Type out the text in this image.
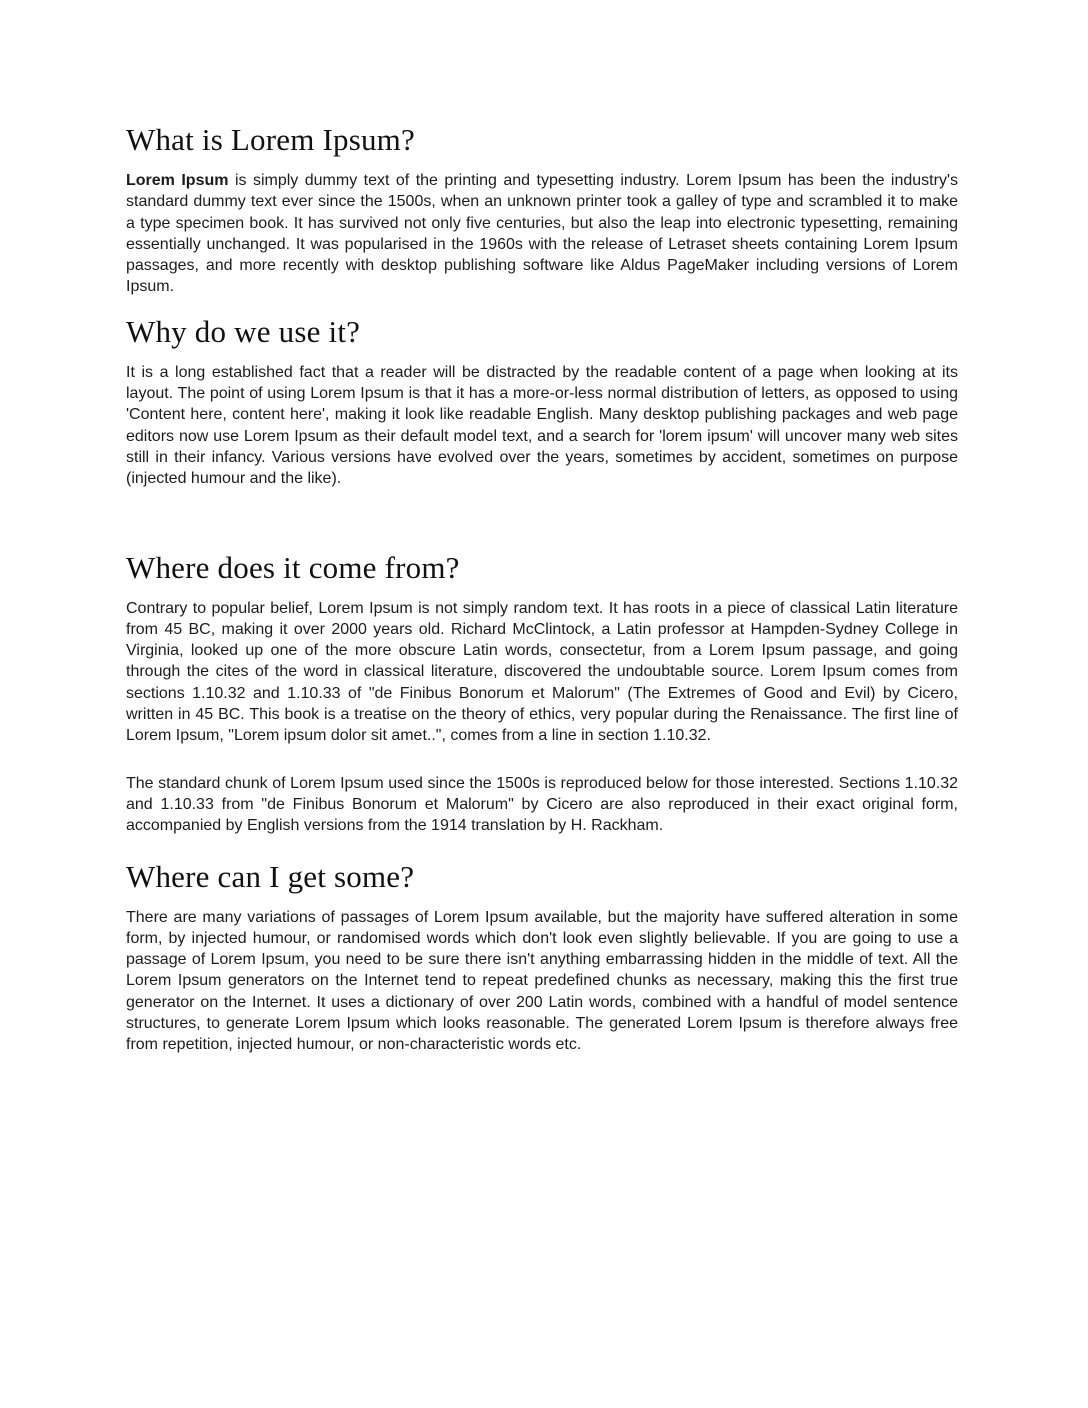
What is Lorem Ipsum?

Lorem Ipsum is simply dummy text of the printing and typesetting industry. Lorem Ipsum has been the industry's standard dummy text ever since the 1500s, when an unknown printer took a galley of type and scrambled it to make a type specimen book. It has survived not only five centuries, but also the leap into electronic typesetting, remaining essentially unchanged. It was popularised in the 1960s with the release of Letraset sheets containing Lorem Ipsum passages, and more recently with desktop publishing software like Aldus PageMaker including versions of Lorem Ipsum.

Why do we use it?

It is a long established fact that a reader will be distracted by the readable content of a page when looking at its layout. The point of using Lorem Ipsum is that it has a more-or-less normal distribution of letters, as opposed to using 'Content here, content here', making it look like readable English. Many desktop publishing packages and web page editors now use Lorem Ipsum as their default model text, and a search for 'lorem ipsum' will uncover many web sites still in their infancy. Various versions have evolved over the years, sometimes by accident, sometimes on purpose (injected humour and the like).

Where does it come from?

Contrary to popular belief, Lorem Ipsum is not simply random text. It has roots in a piece of classical Latin literature from 45 BC, making it over 2000 years old. Richard McClintock, a Latin professor at Hampden-Sydney College in Virginia, looked up one of the more obscure Latin words, consectetur, from a Lorem Ipsum passage, and going through the cites of the word in classical literature, discovered the undoubtable source. Lorem Ipsum comes from sections 1.10.32 and 1.10.33 of "de Finibus Bonorum et Malorum" (The Extremes of Good and Evil) by Cicero, written in 45 BC. This book is a treatise on the theory of ethics, very popular during the Renaissance. The first line of Lorem Ipsum, "Lorem ipsum dolor sit amet..", comes from a line in section 1.10.32.

The standard chunk of Lorem Ipsum used since the 1500s is reproduced below for those interested. Sections 1.10.32 and 1.10.33 from "de Finibus Bonorum et Malorum" by Cicero are also reproduced in their exact original form, accompanied by English versions from the 1914 translation by H. Rackham.

Where can I get some?

There are many variations of passages of Lorem Ipsum available, but the majority have suffered alteration in some form, by injected humour, or randomised words which don't look even slightly believable. If you are going to use a passage of Lorem Ipsum, you need to be sure there isn't anything embarrassing hidden in the middle of text. All the Lorem Ipsum generators on the Internet tend to repeat predefined chunks as necessary, making this the first true generator on the Internet. It uses a dictionary of over 200 Latin words, combined with a handful of model sentence structures, to generate Lorem Ipsum which looks reasonable. The generated Lorem Ipsum is therefore always free from repetition, injected humour, or non-characteristic words etc.
